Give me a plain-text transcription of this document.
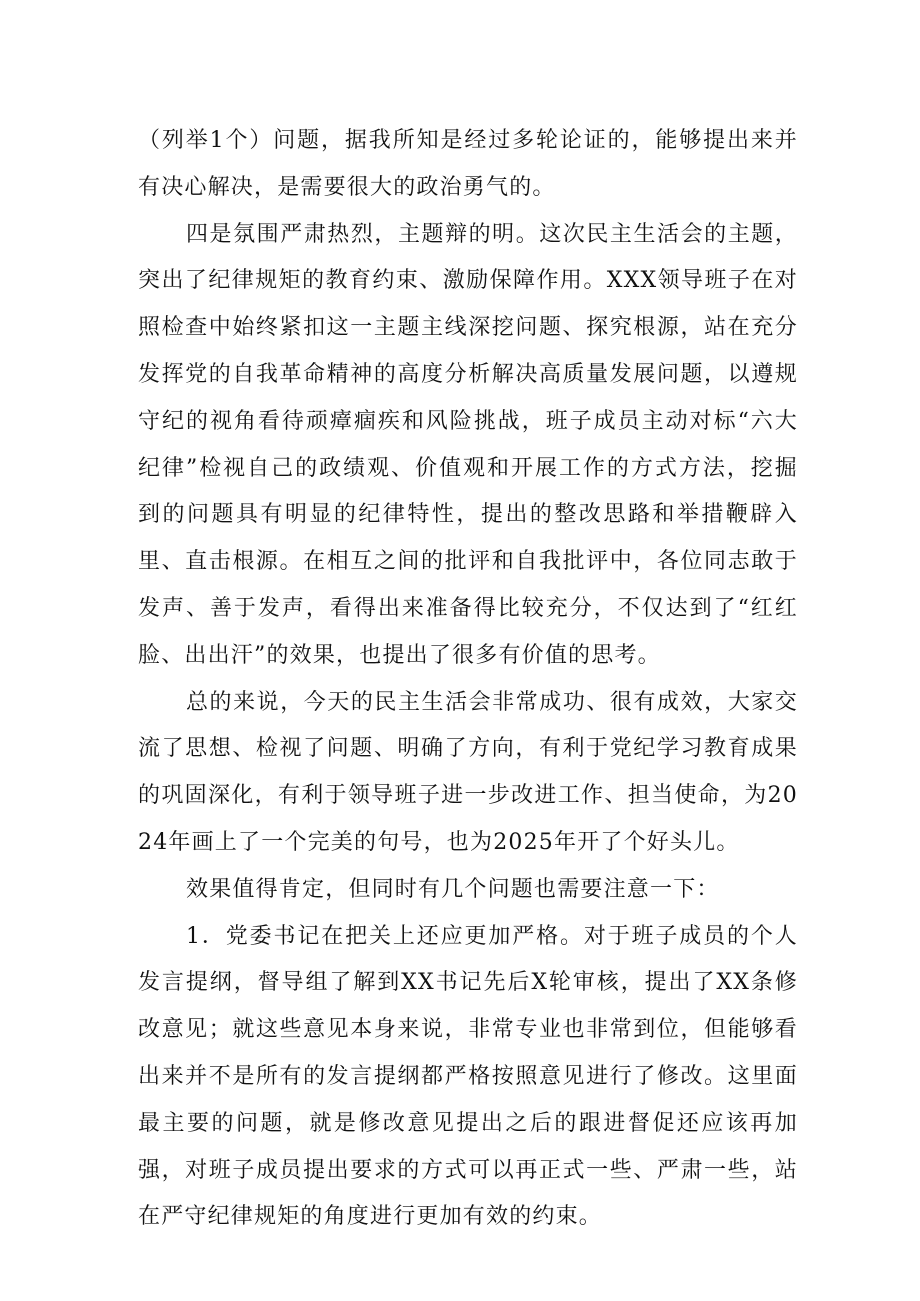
（列举1个）问题，据我所知是经过多轮论证的，能够提出来并有决心解决，是需要很大的政治勇气的。

四是氛围严肃热烈，主题辩的明。这次民主生活会的主题，突出了纪律规矩的教育约束、激励保障作用。XXX领导班子在对照检查中始终紧扣这一主题主线深挖问题、探究根源，站在充分发挥党的自我革命精神的高度分析解决高质量发展问题，以遵规守纪的视角看待顽瘴痼疾和风险挑战，班子成员主动对标“六大纪律”检视自己的政绩观、价值观和开展工作的方式方法，挖掘到的问题具有明显的纪律特性，提出的整改思路和举措鞭辟入里、直击根源。在相互之间的批评和自我批评中，各位同志敢于发声、善于发声，看得出来准备得比较充分，不仅达到了“红红脸、出出汗”的效果，也提出了很多有价值的思考。

总的来说，今天的民主生活会非常成功、很有成效，大家交流了思想、检视了问题、明确了方向，有利于党纪学习教育成果的巩固深化，有利于领导班子进一步改进工作、担当使命，为2024年画上了一个完美的句号，也为2025年开了个好头儿。

效果值得肯定，但同时有几个问题也需要注意一下：

1．党委书记在把关上还应更加严格。对于班子成员的个人发言提纲，督导组了解到XX书记先后X轮审核，提出了XX条修改意见；就这些意见本身来说，非常专业也非常到位，但能够看出来并不是所有的发言提纲都严格按照意见进行了修改。这里面最主要的问题，就是修改意见提出之后的跟进督促还应该再加强，对班子成员提出要求的方式可以再正式一些、严肃一些，站在严守纪律规矩的角度进行更加有效的约束。
